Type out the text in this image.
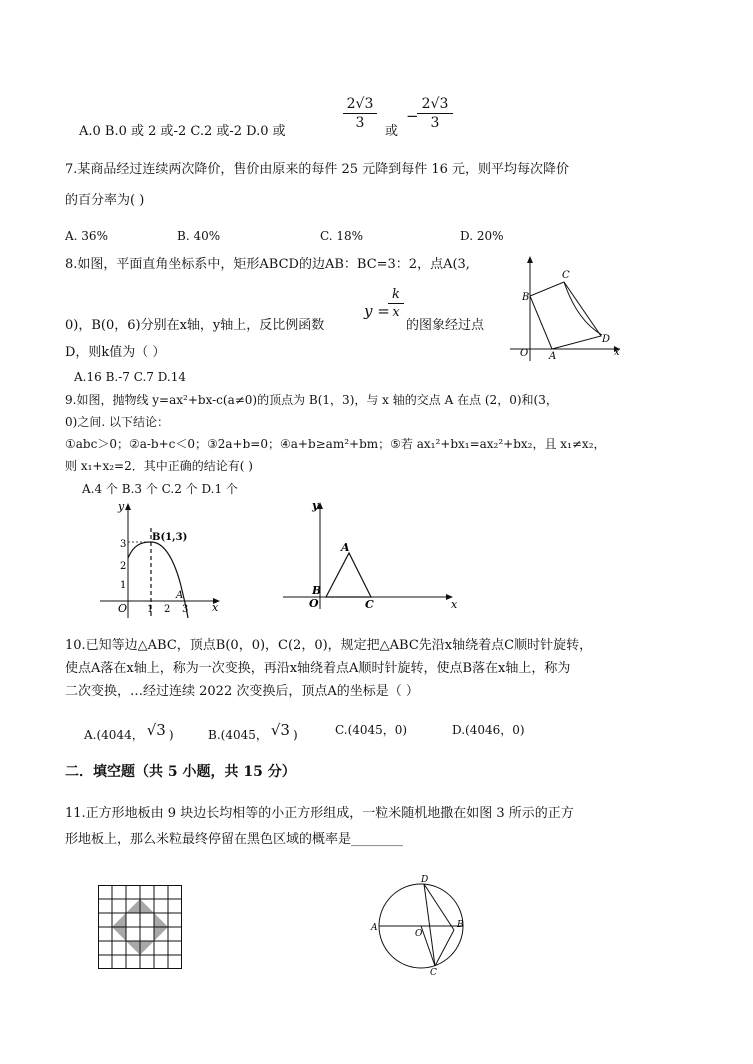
A.0 B.0 或 2 或-2 C.2 或-2 D.0 或
2√3
3
或
−
2√3
3
7.某商品经过连续两次降价，售价由原来的每件 25 元降到每件 16 元，则平均每次降价
的百分率为( )
A. 36%	B. 40%	C. 18%	D. 20%
8.如图，平面直角坐标系中，矩形ABCD的边AB：BC=3：2，点A(3,
0)，B(0，6)分别在x轴，y轴上，反比例函数
y =
k
x
的图象经过点
D，则k值为（ ）
A.16 B.-7 C.7 D.14
C
B
D
O A	x
9.如图，抛物线 y=ax²+bx-c(a≠0)的顶点为 B(1，3)，与 x 轴的交点 A 在点 (2，0)和(3，
0)之间. 以下结论：
①abc＞0；②a-b+c＜0；③2a+b=0；④a+b≥am²+bm；⑤若 ax₁²+bx₁=ax₂²+bx₂，且 x₁≠x₂，
则 x₁+x₂=2．其中正确的结论有( )
A.4 个 B.3 个 C.2 个 D.1 个
y
x
O
B(1,3)
A
1 2 3
1
2
3
y
x
O
A
B
C
10.已知等边△ABC，顶点B(0，0)，C(2，0)，规定把△ABC先沿x轴绕着点C顺时针旋转，
使点A落在x轴上，称为一次变换，再沿x轴绕着点A顺时针旋转，使点B落在x轴上，称为
二次变换，…经过连续 2022 次变换后，顶点A的坐标是（ ）
A.(4044， √3 )	B.(4045， √3 )	C.(4045，0)	D.(4046，0)
二．填空题（共 5 小题，共 15 分）
11.正方形地板由 9 块边长均相等的小正方形组成，一粒米随机地撒在如图 3 所示的正方
形地板上，那么米粒最终停留在黑色区域的概率是________
A	B
C
D
O
